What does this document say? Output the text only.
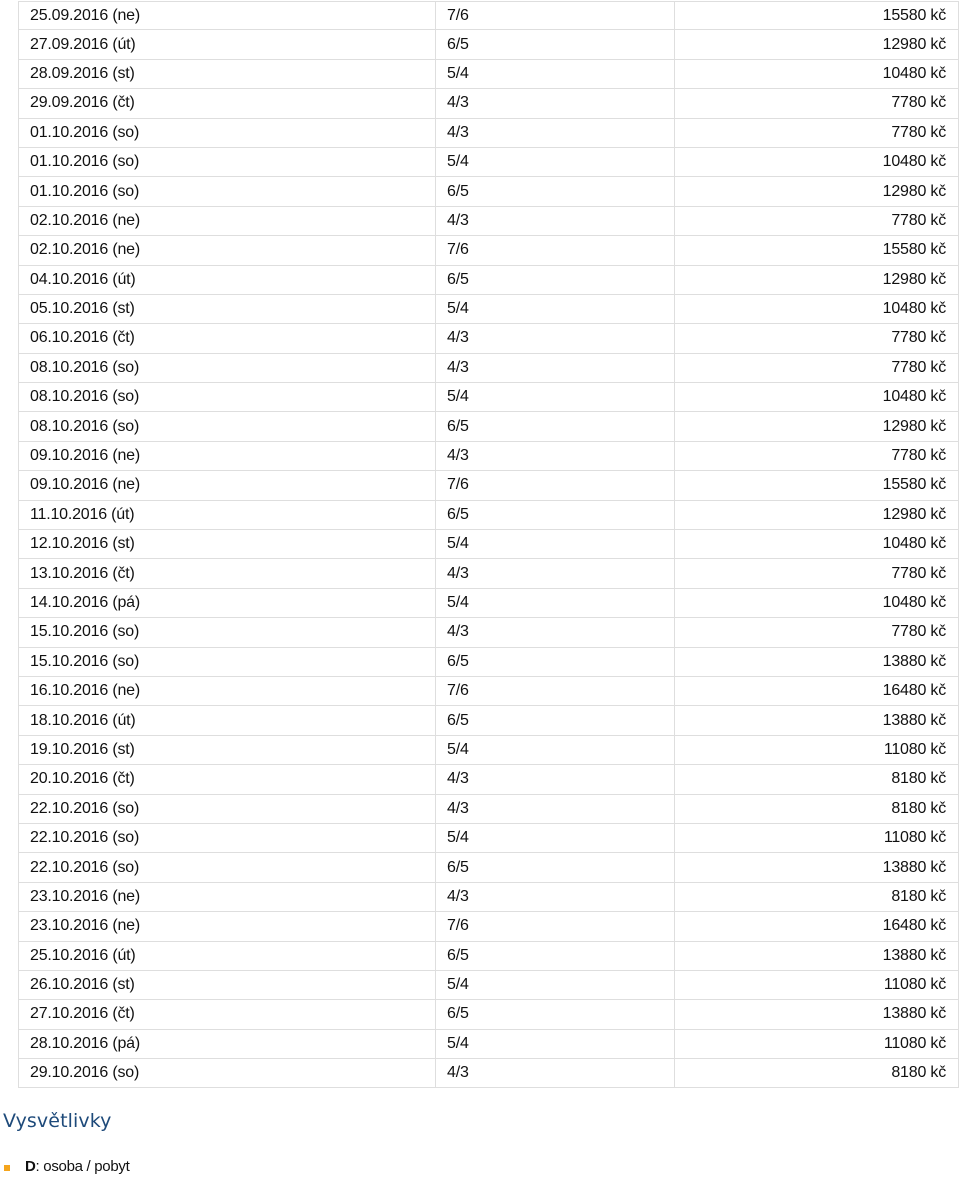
25.09.2016 (ne)	7/6	15580 kč
27.09.2016 (út)	6/5	12980 kč
28.09.2016 (st)	5/4	10480 kč
29.09.2016 (čt)	4/3	7780 kč
01.10.2016 (so)	4/3	7780 kč
01.10.2016 (so)	5/4	10480 kč
01.10.2016 (so)	6/5	12980 kč
02.10.2016 (ne)	4/3	7780 kč
02.10.2016 (ne)	7/6	15580 kč
04.10.2016 (út)	6/5	12980 kč
05.10.2016 (st)	5/4	10480 kč
06.10.2016 (čt)	4/3	7780 kč
08.10.2016 (so)	4/3	7780 kč
08.10.2016 (so)	5/4	10480 kč
08.10.2016 (so)	6/5	12980 kč
09.10.2016 (ne)	4/3	7780 kč
09.10.2016 (ne)	7/6	15580 kč
11.10.2016 (út)	6/5	12980 kč
12.10.2016 (st)	5/4	10480 kč
13.10.2016 (čt)	4/3	7780 kč
14.10.2016 (pá)	5/4	10480 kč
15.10.2016 (so)	4/3	7780 kč
15.10.2016 (so)	6/5	13880 kč
16.10.2016 (ne)	7/6	16480 kč
18.10.2016 (út)	6/5	13880 kč
19.10.2016 (st)	5/4	11080 kč
20.10.2016 (čt)	4/3	8180 kč
22.10.2016 (so)	4/3	8180 kč
22.10.2016 (so)	5/4	11080 kč
22.10.2016 (so)	6/5	13880 kč
23.10.2016 (ne)	4/3	8180 kč
23.10.2016 (ne)	7/6	16480 kč
25.10.2016 (út)	6/5	13880 kč
26.10.2016 (st)	5/4	11080 kč
27.10.2016 (čt)	6/5	13880 kč
28.10.2016 (pá)	5/4	11080 kč
29.10.2016 (so)	4/3	8180 kč
Vysvětlivky
D : osoba / pobyt
